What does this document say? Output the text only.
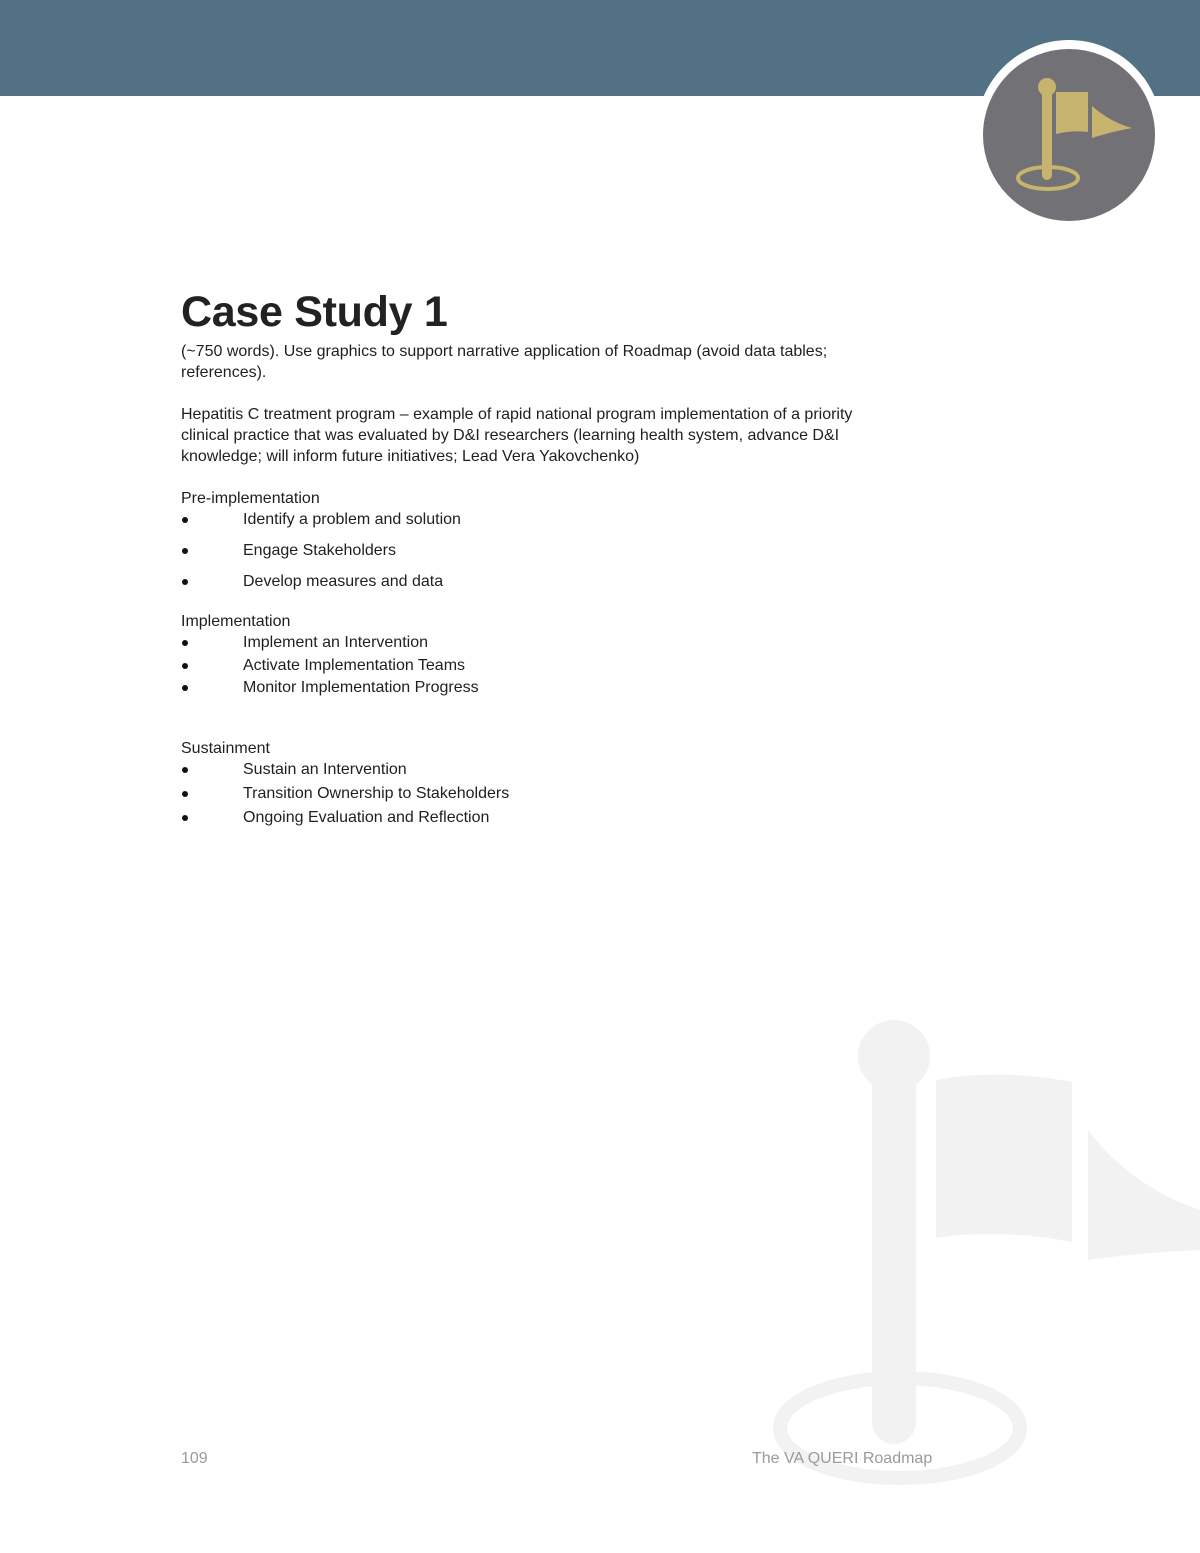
Case Study 1

(~750 words). Use graphics to support narrative application of Roadmap (avoid data tables; references).

Hepatitis C treatment program – example of rapid national program implementation of a priority clinical practice that was evaluated by D&I researchers (learning health system, advance D&I knowledge; will inform future initiatives; Lead Vera Yakovchenko)

Pre-implementation

Identify a problem and solution
Engage Stakeholders
Develop measures and data

Implementation

Implement an Intervention
Activate Implementation Teams
Monitor Implementation Progress

Sustainment

Sustain an Intervention
Transition Ownership to Stakeholders
Ongoing Evaluation and Reflection
109	The VA QUERI Roadmap
